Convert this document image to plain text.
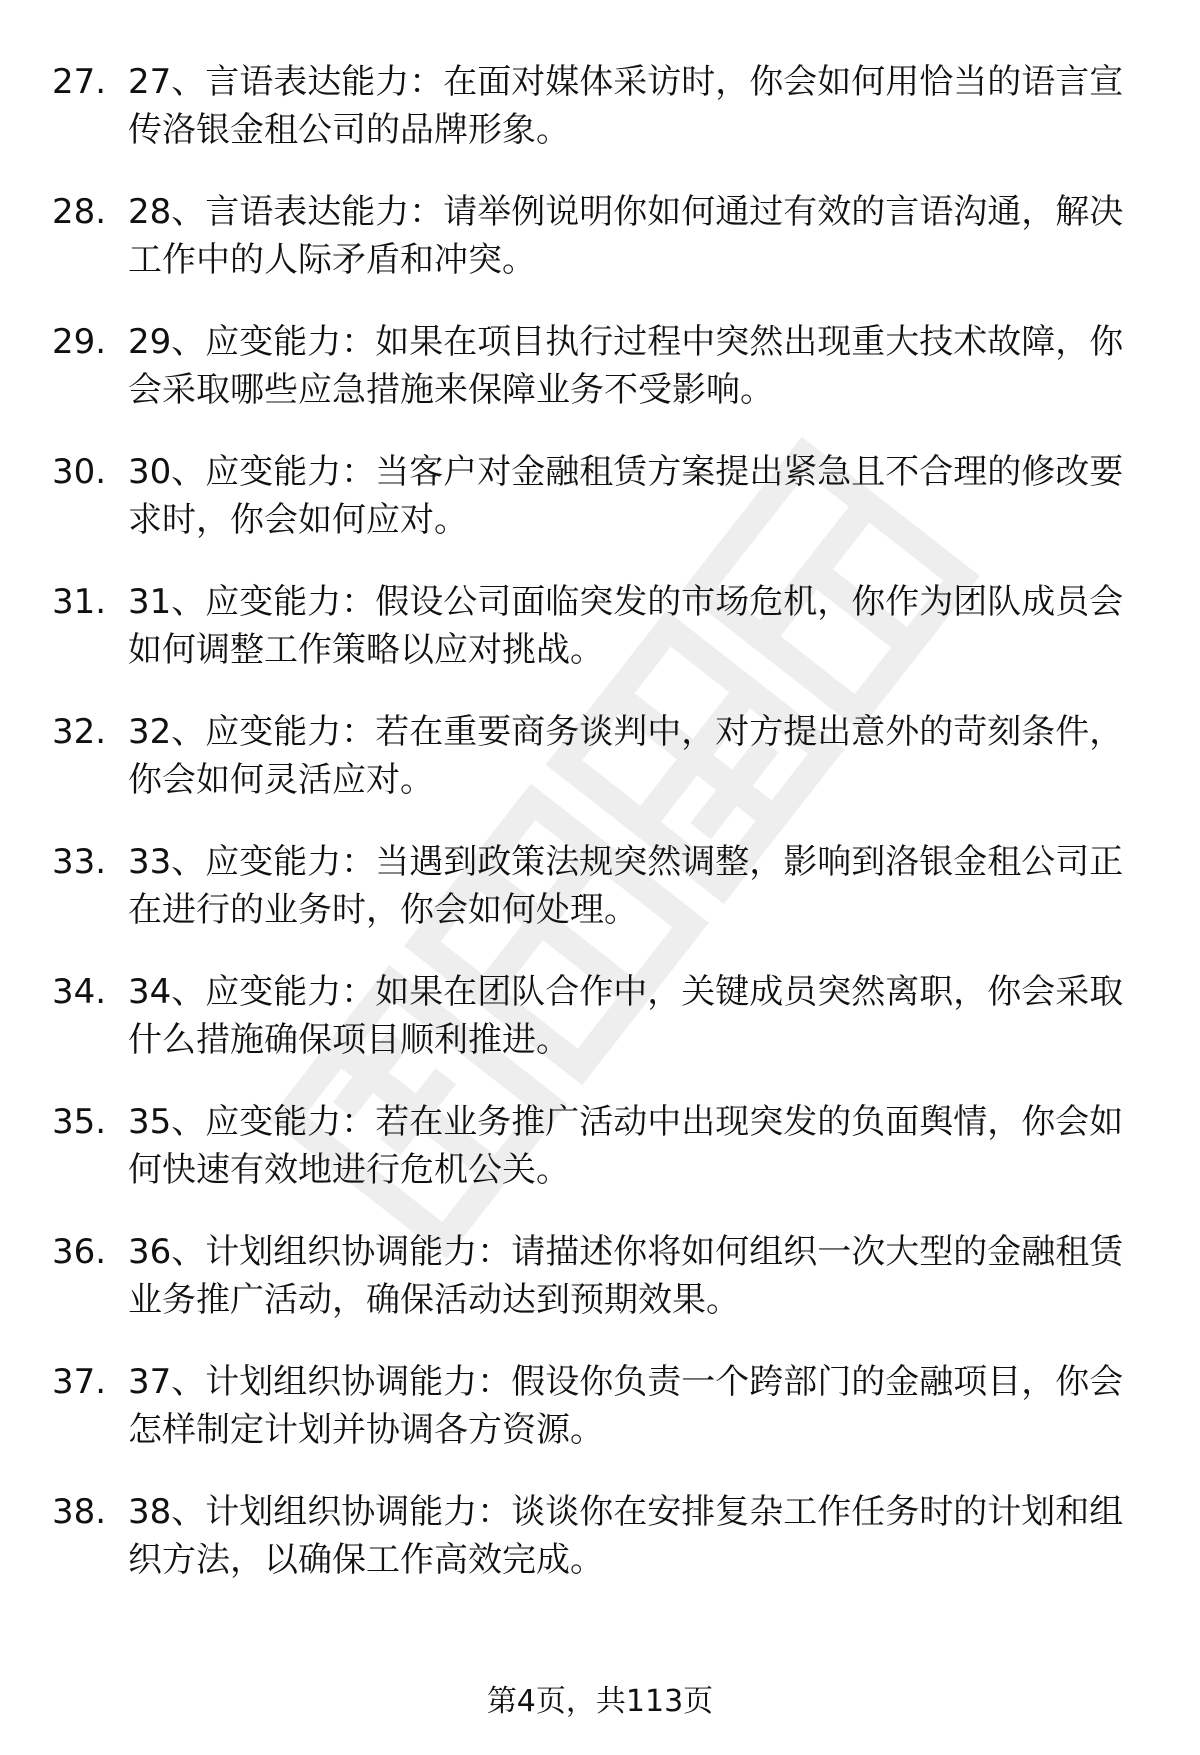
27. 27、言语表达能力：在面对媒体采访时，你会如何用恰当的语言宣传洛银金租公司的品牌形象。
28. 28、言语表达能力：请举例说明你如何通过有效的言语沟通，解决工作中的人际矛盾和冲突。
29. 29、应变能力：如果在项目执行过程中突然出现重大技术故障，你会采取哪些应急措施来保障业务不受影响。
30. 30、应变能力：当客户对金融租赁方案提出紧急且不合理的修改要求时，你会如何应对。
31. 31、应变能力：假设公司面临突发的市场危机，你作为团队成员会如何调整工作策略以应对挑战。
32. 32、应变能力：若在重要商务谈判中，对方提出意外的苛刻条件，你会如何灵活应对。
33. 33、应变能力：当遇到政策法规突然调整，影响到洛银金租公司正在进行的业务时，你会如何处理。
34. 34、应变能力：如果在团队合作中，关键成员突然离职，你会采取什么措施确保项目顺利推进。
35. 35、应变能力：若在业务推广活动中出现突发的负面舆情，你会如何快速有效地进行危机公关。
36. 36、计划组织协调能力：请描述你将如何组织一次大型的金融租赁业务推广活动，确保活动达到预期效果。
37. 37、计划组织协调能力：假设你负责一个跨部门的金融项目，你会怎样制定计划并协调各方资源。
38. 38、计划组织协调能力：谈谈你在安排复杂工作任务时的计划和组织方法，以确保工作高效完成。
第4页，共113页
